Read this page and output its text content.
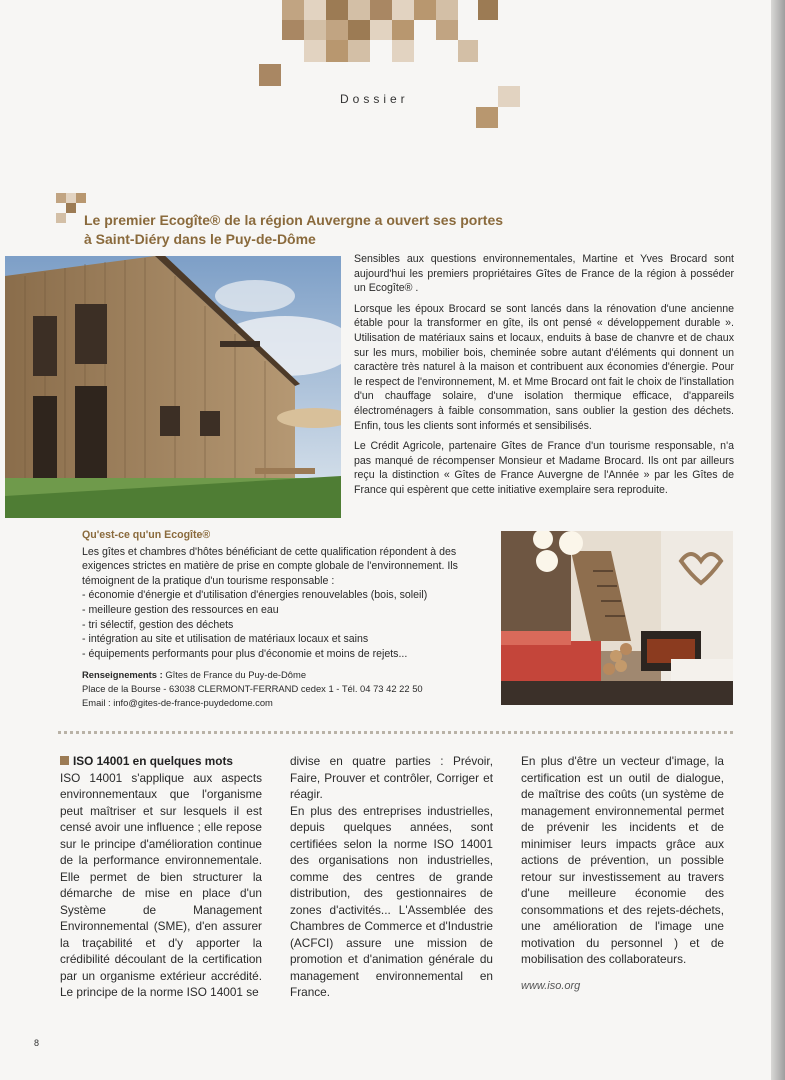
Dossier
Le premier Ecogîte® de la région Auvergne a ouvert ses portes à Saint-Diéry dans le Puy-de-Dôme

Sensibles aux questions environnementales, Martine et Yves Brocard sont aujourd'hui les premiers propriétaires Gîtes de France de la région à posséder un Ecogîte® .

Lorsque les époux Brocard se sont lancés dans la rénovation d'une ancienne étable pour la transformer en gîte, ils ont pensé « développement durable ». Utilisation de matériaux sains et locaux, enduits à base de chanvre et de chaux sur les murs, mobilier bois, cheminée sobre autant d'éléments qui donnent un caractère très naturel à la maison et contribuent aux économies d'énergie. Pour le respect de l'environnement, M. et Mme Brocard ont fait le choix de l'installation d'un chauffage solaire, d'une isolation thermique efficace, d'appareils électroménagers à faible consommation, sans oublier la gestion des déchets. Enfin, tous les clients sont informés et sensibilisés.

Le Crédit Agricole, partenaire Gîtes de France d'un tourisme responsable, n'a pas manqué de récompenser Monsieur et Madame Brocard. Ils ont par ailleurs reçu la distinction « Gîtes de France Auvergne de l'Année » par les Gîtes de France qui espèrent que cette initiative exemplaire sera reproduite.

Qu'est-ce qu'un Ecogîte®

Les gîtes et chambres d'hôtes bénéficiant de cette qualification répondent à des exigences strictes en matière de prise en compte globale de l'environnement. Ils témoignent de la pratique d'un tourisme responsable :

- économie d'énergie et d'utilisation d'énergies renouvelables (bois, soleil)
- meilleure gestion des ressources en eau
- tri sélectif, gestion des déchets
- intégration au site et utilisation de matériaux locaux et sains
- équipements performants pour plus d'économie et moins de rejets...
Renseignements : Gîtes de France du Puy-de-Dôme
Place de la Bourse - 63038 CLERMONT-FERRAND cedex 1 - Tél. 04 73 42 22 50
Email : info@gites-de-france-puydedome.com

ISO 14001 en quelques mots

ISO 14001 s'applique aux aspects environnementaux que l'organisme peut maîtriser et sur lesquels il est censé avoir une influence ; elle repose sur le principe d'amélioration continue de la performance environnementale. Elle permet de bien structurer la démarche de mise en place d'un Système de Management Environnemental (SME), d'en assurer la traçabilité et d'y apporter la crédibilité découlant de la certification par un organisme extérieur accrédité. Le principe de la norme ISO 14001 se

divise en quatre parties : Prévoir, Faire, Prouver et contrôler, Corriger et réagir.

En plus des entreprises industrielles, depuis quelques années, sont certifiées selon la norme ISO 14001 des organisations non industrielles, comme des centres de grande distribution, des gestionnaires de zones d'activités... L'Assemblée des Chambres de Commerce et d'Industrie (ACFCI) assure une mission de promotion et d'animation générale du management environnemental en France.

En plus d'être un vecteur d'image, la certification est un outil de dialogue, de maîtrise des coûts (un système de management environnemental permet de prévenir les incidents et de minimiser leurs impacts grâce aux actions de prévention, un possible retour sur investissement au travers d'une meilleure économie des consommations et des rejets-déchets, une amélioration de l'image une motivation du personnel ) et de mobilisation des collaborateurs.

www.iso.org

8
